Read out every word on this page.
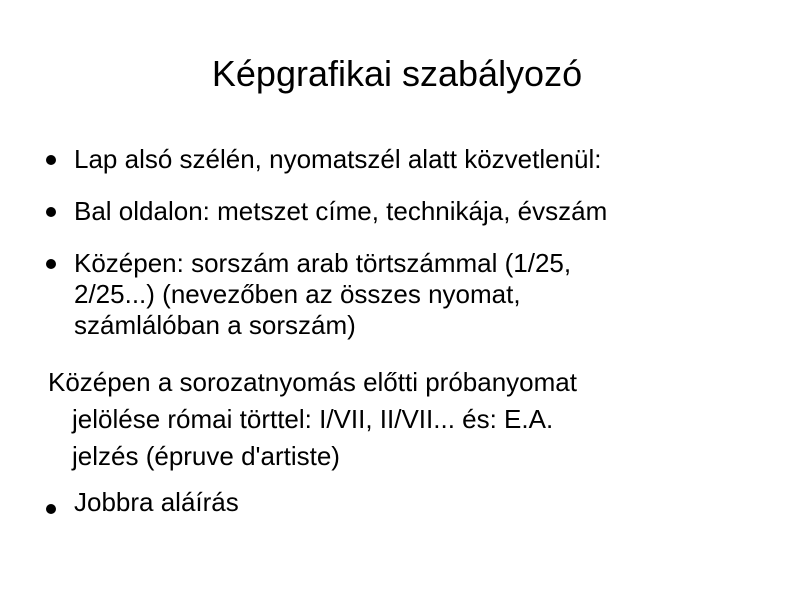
Képgrafikai szabályozó
Lap alsó szélén, nyomatszél alatt közvetlenül:
Bal oldalon: metszet címe, technikája, évszám
Középen: sorszám arab törtszámmal (1/25,
2/25...) (nevezőben az összes nyomat,
számlálóban a sorszám)
Középen a sorozatnyomás előtti próbanyomat
jelölése római törttel: I/VII, II/VII... és: E.A.
jelzés (épruve d'artiste)
Jobbra aláírás
